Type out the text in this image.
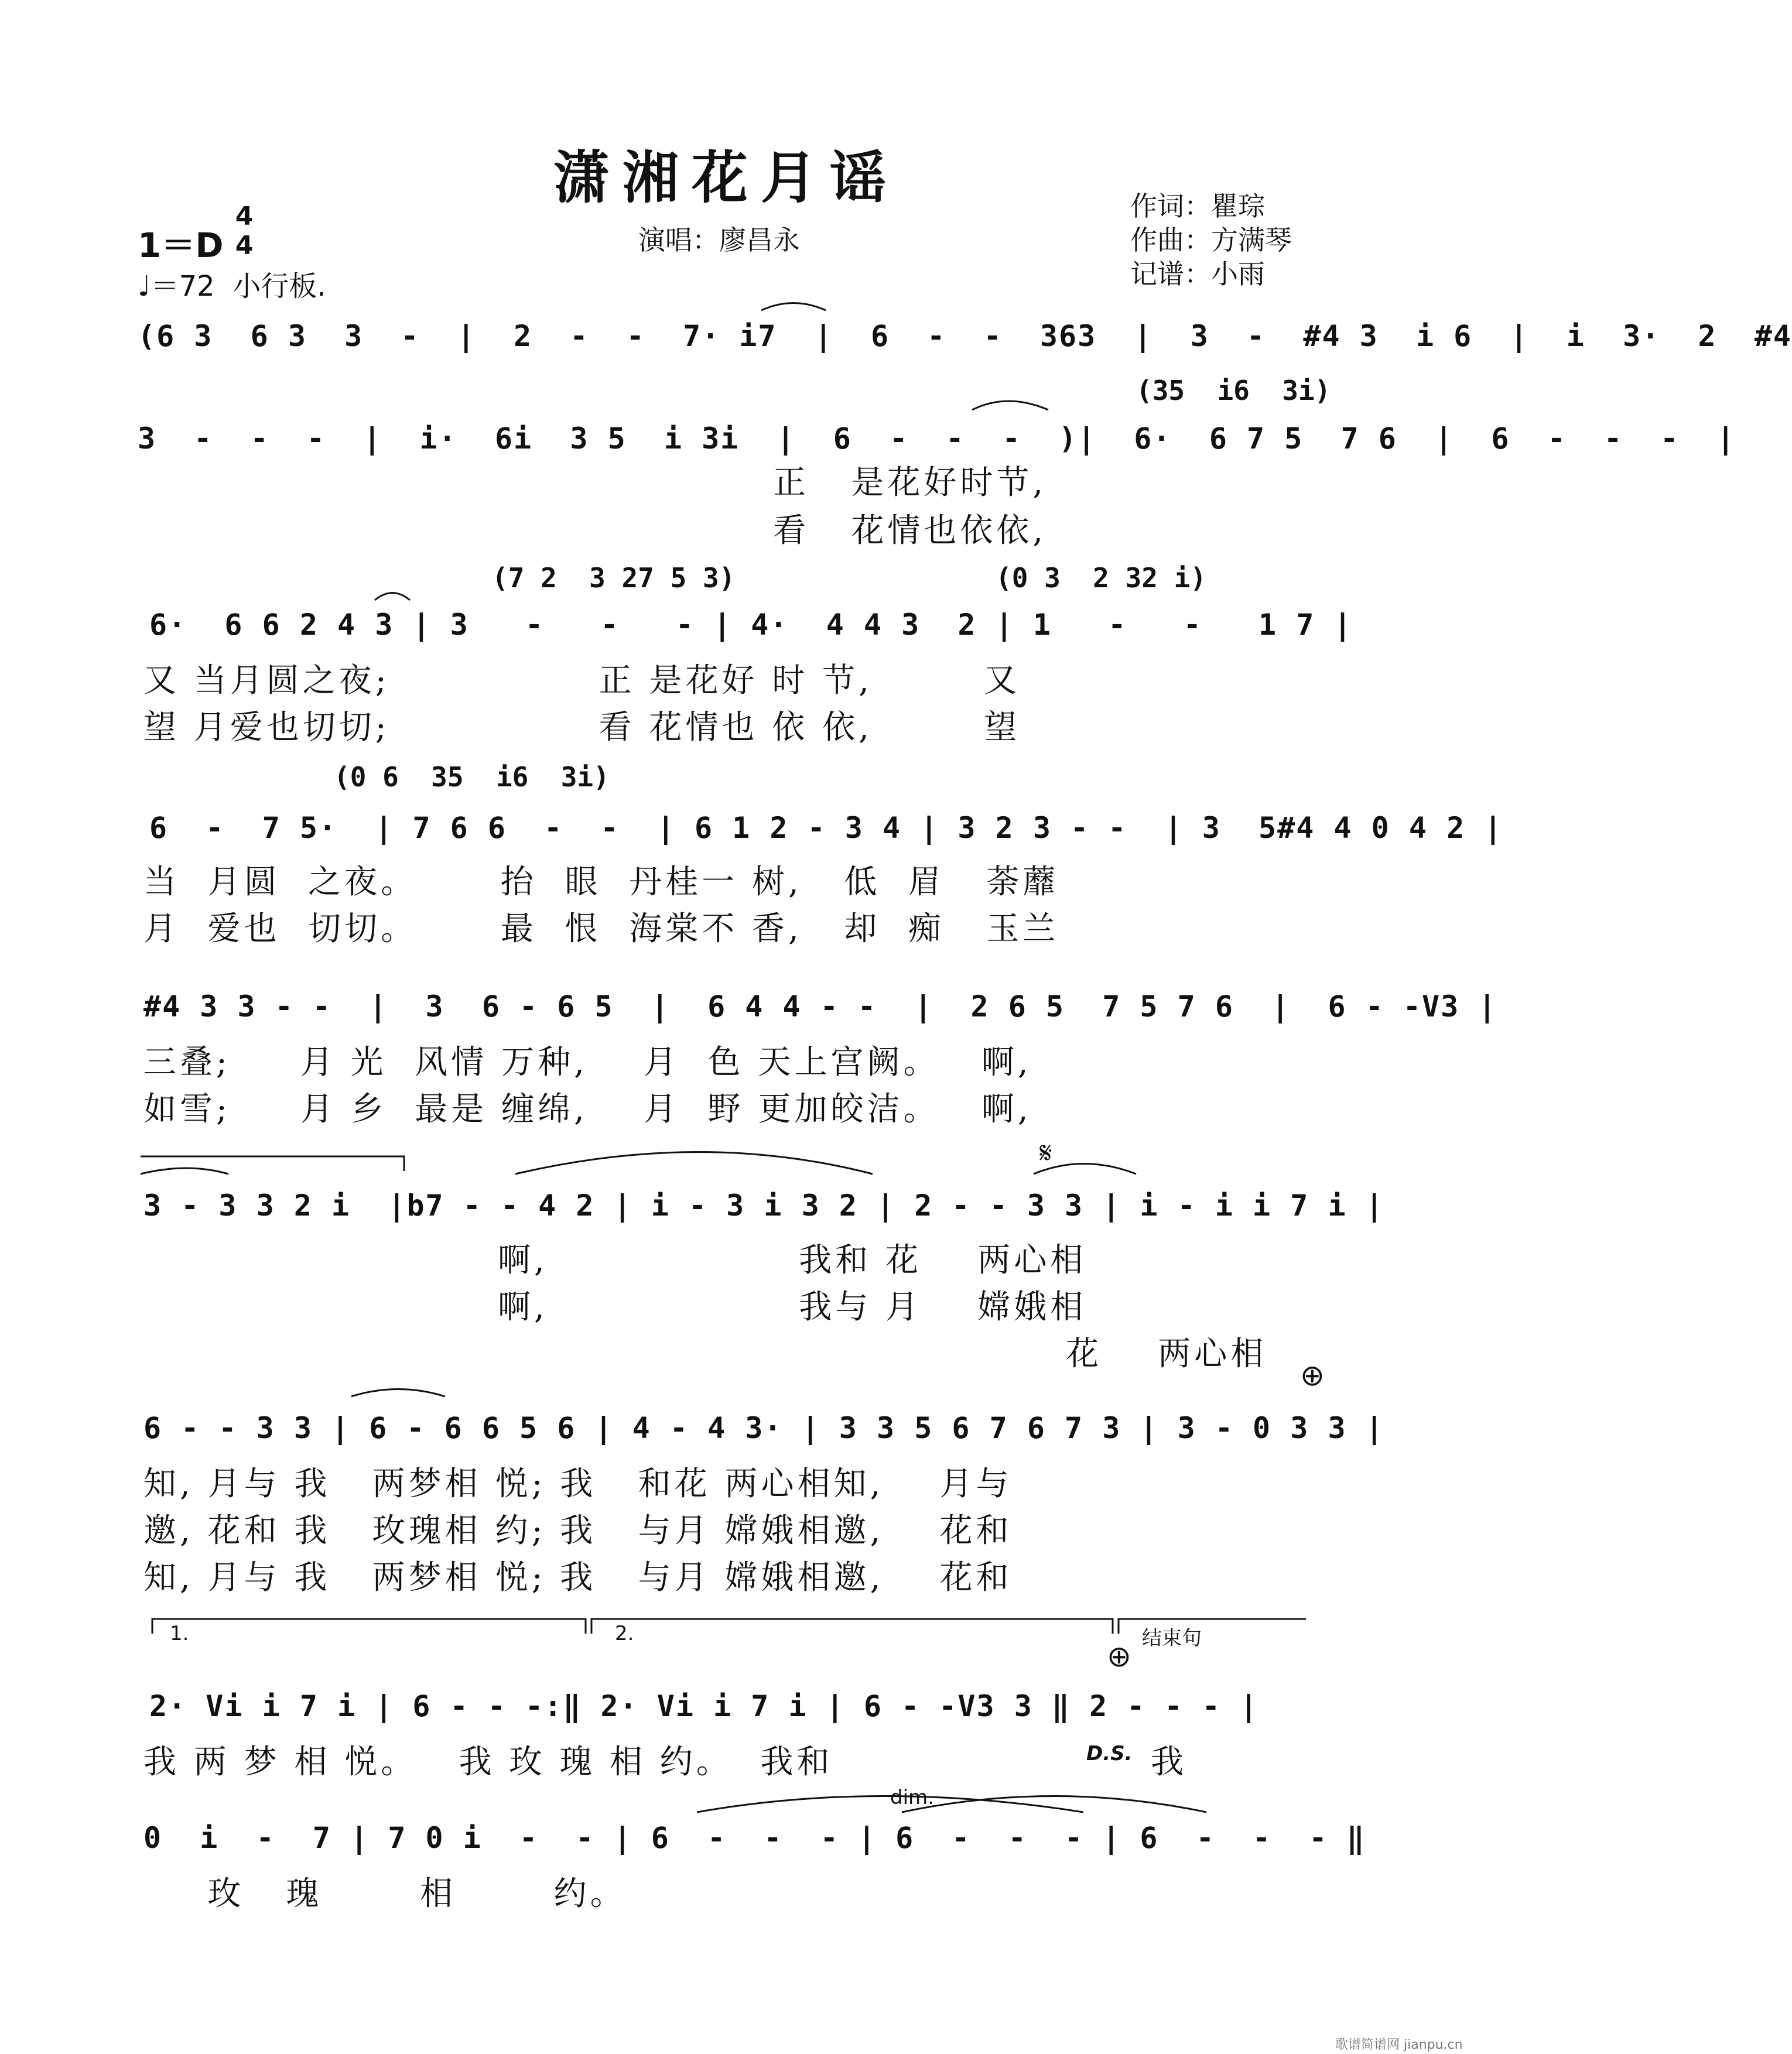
潇湘花月谣	作词：瞿琮
作曲：方满琴
记谱：小雨
演唱：廖昌永
1＝D
4
4
♩＝72  小行板.
(6 3  6 3  3  -  |  2  -  -  7· i7  |  6  -  -  363  |  3  -  #4 3  i 6  |  i  3·  2  #4
(35  i6  3i)
3  -  -  -  |  i·  6i  3 5  i 3i  |  6  -  -  -  )|  6·  6 7 5  7 6  |  6  -  -  -  |
正   是花好时节,
看   花情也依依,
(7 2  3 27 5 3)	(0 3  2 32 i)
6·  6 6 2 4 3 | 3   -   -   - | 4·  4 4 3  2 | 1   -   -   1 7 |
又 当月圆之夜;               正 是花好 时 节,        又
望 月爱也切切;               看 花情也 依 依,        望
(0 6  35  i6  3i)
6  -  7 5·  | 7 6 6  -  -  | 6 1 2 - 3 4 | 3 2 3 - -  | 3  5#4 4 0 4 2 |
当  月圆  之夜。      抬  眼  丹桂一 树,   低  眉   荼蘼
月  爱也  切切。      最  恨  海棠不 香,   却  痴   玉兰
#4 3 3 - -  |  3  6 - 6 5  |  6 4 4 - -  |  2 6 5  7 5 7 6  |  6 - -V3 |
三叠;     月 光  风情 万种,    月  色 天上宫阙。   啊,
如雪;     月 乡  最是 缠绵,    月  野 更加皎洁。   啊,
𝄋
3 - 3 3 2 i  |b7 - - 4 2 | i - 3 i 3 2 | 2 - - 3 3 | i - i i 7 i |
啊,                  我和 花    两心相
啊,                  我与 月    嫦娥相
花    两心相
⊕
6 - - 3 3 | 6 - 6 6 5 6 | 4 - 4 3· | 3 3 5 6 7 6 7 3 | 3 - 0 3 3 |
知, 月与 我   两梦相 悦; 我   和花 两心相知,    月与
邀, 花和 我   玫瑰相 约; 我   与月 嫦娥相邀,    花和
知, 月与 我   两梦相 悦; 我   与月 嫦娥相邀,    花和
1.	2.	结束句
⊕
2· Vi i 7 i | 6 - - -:‖ 2· Vi i 7 i | 6 - -V3 3 ‖ 2 - - - |
我 两 梦 相 悦。   我 玫 瑰 相 约。  我和	D.S. 我
dim.
0  i  -  7 | 7 0 i  -  - | 6  -  -  - | 6  -  -  - | 6  -  -  - ‖
玫   瑰       相       约。
歌谱简谱网 jianpu.cn
